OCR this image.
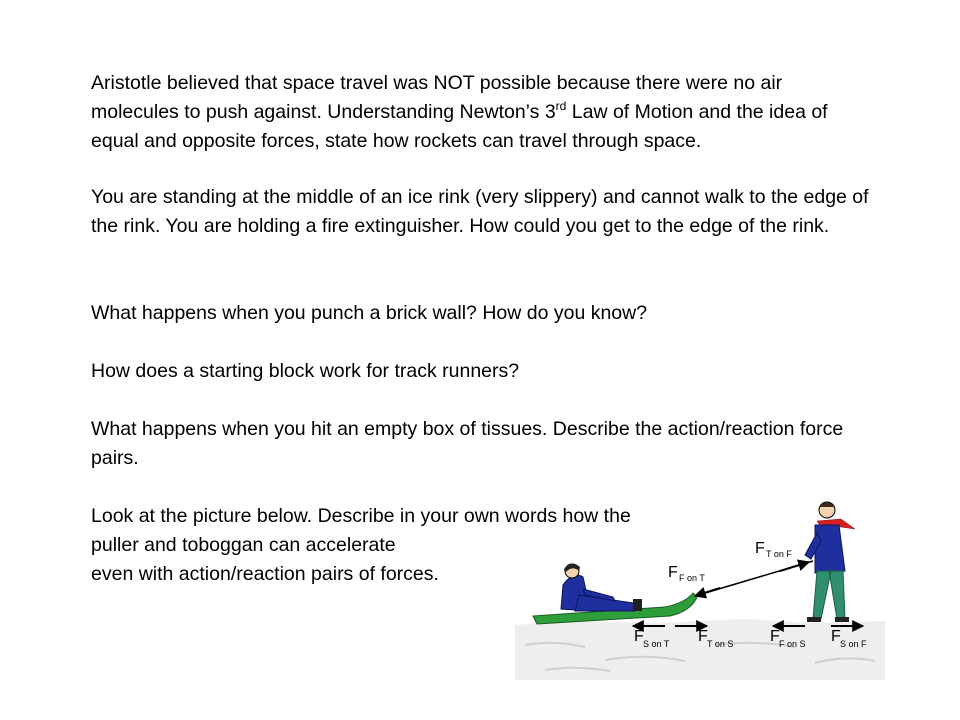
Aristotle believed that space travel was NOT possible because there were no air molecules to push against. Understanding Newton’s 3rd Law of Motion and the idea of equal and opposite forces, state how rockets can travel through space.

You are standing at the middle of an ice rink (very slippery) and cannot walk to the edge of the rink. You are holding a fire extinguisher. How could you get to the edge of the rink.

What happens when you punch a brick wall? How do you know?

How does a starting block work for track runners?

What happens when you hit an empty box of tissues. Describe the action/reaction force pairs.

Look at the picture below. Describe in your own words how the
puller and toboggan can accelerate
even with action/reaction pairs of forces.

F T on F
F F on T
F S on T F T on S F F on S F S on F
